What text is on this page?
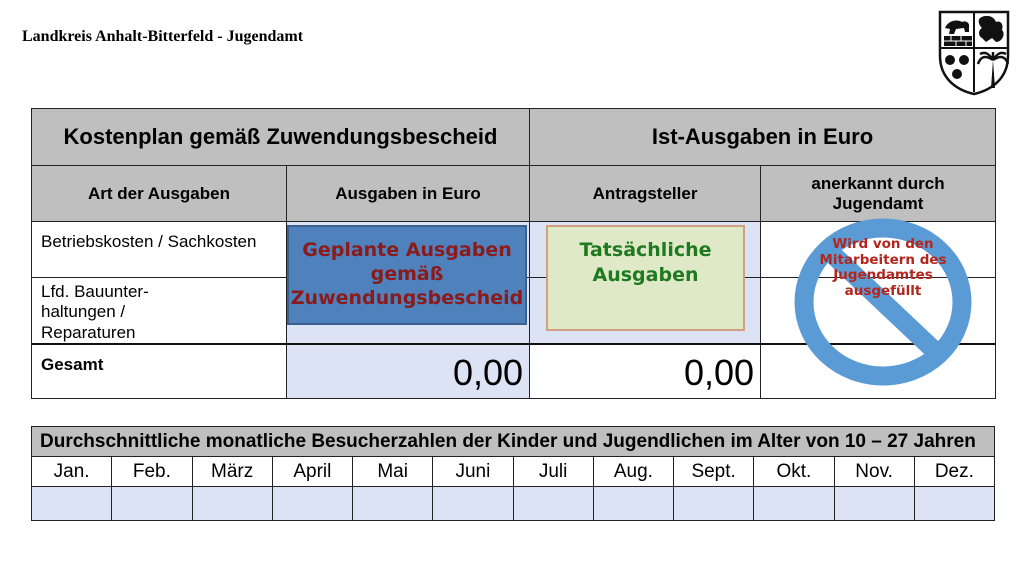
Landkreis Anhalt-Bitterfeld - Jugendamt
Kostenplan gemäß Zuwendungsbescheid		Ist-Ausgaben in Euro	
Art der Ausgaben	Ausgaben in Euro	Antragsteller	anerkannt durch Jugendamt
Betriebskosten / Sachkosten			
Lfd. Bauunter-haltungen / Reparaturen			
Gesamt	0,00	0,00	
Geplante Ausgaben gemäß Zuwendungsbescheid
Tatsächliche Ausgaben
Wird von den Mitarbeitern des Jugendamtes ausgefüllt
Durchschnittliche monatliche Besucherzahlen der Kinder und Jugendlichen im Alter von 10 – 27 Jahren											
Jan.	Feb.	März	April	Mai	Juni	Juli	Aug.	Sept.	Okt.	Nov.	Dez.
